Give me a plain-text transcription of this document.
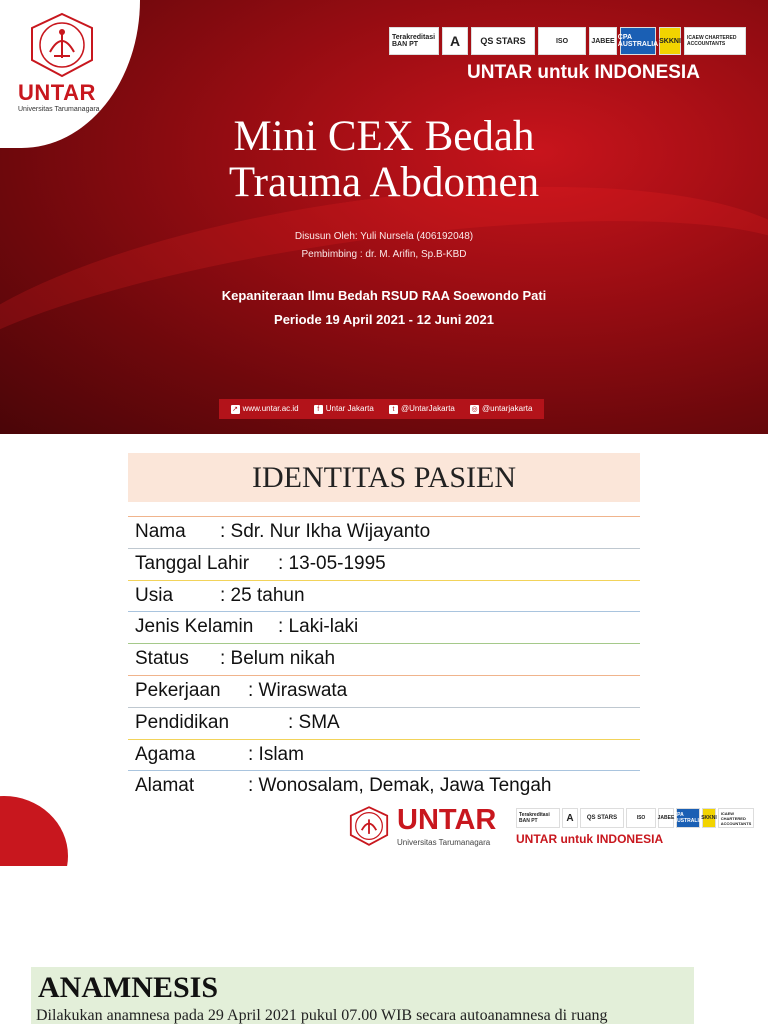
UNTAR
Universitas Tarumanagara
Terakreditasi BAN PT	A	QS STARS	ISO	JABEE CPA AUSTRALIA SKKNI	ICAEW CHARTERED ACCOUNTANTS
UNTAR untuk INDONESIA
Mini CEX Bedah
Trauma Abdomen
Disusun Oleh: Yuli Nursela (406192048)
Pembimbing : dr. M. Arifin, Sp.B-KBD
Kepaniteraan Ilmu Bedah RSUD RAA Soewondo Pati
Periode 19 April 2021 - 12 Juni 2021
↗ www.untar.ac.id	f Untar Jakarta	t @UntarJakarta ◎ @untarjakarta
IDENTITAS PASIEN
Nama : Sdr. Nur Ikha Wijayanto
Tanggal Lahir : 13-05-1995
Usia : 25 tahun
Jenis Kelamin : Laki-laki
Status : Belum nikah
Pekerjaan : Wiraswata
Pendidikan	: SMA
Agama	: Islam
Alamat	: Wonosalam, Demak, Jawa Tengah
UNTAR
Universitas Tarumanagara
Terakreditasi BAN PT	A	QS STARS	ISO	JABEE CPA AUSTRALIA
SKKNI
ICAEW CHARTERED ACCOUNTANTS
UNTAR untuk INDONESIA
ANAMNESIS
Dilakukan anamnesa pada 29 April 2021 pukul 07.00 WIB secara autoanamnesa di ruang
